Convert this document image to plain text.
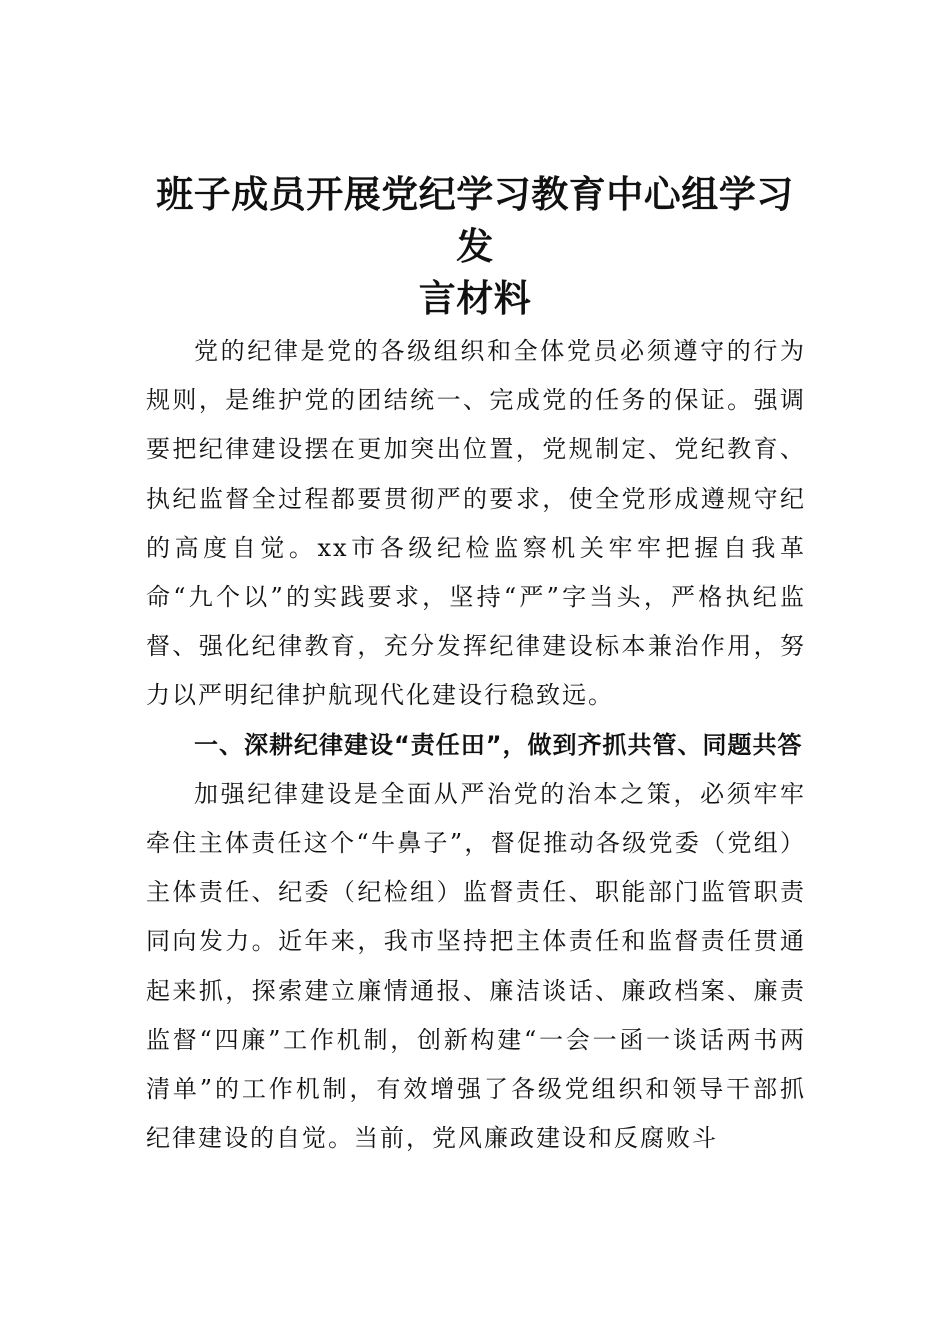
班子成员开展党纪学习教育中心组学习发
言材料

党的纪律是党的各级组织和全体党员必须遵守的行为规则，是维护党的团结统一、完成党的任务的保证。强调要把纪律建设摆在更加突出位置，党规制定、党纪教育、执纪监督全过程都要贯彻严的要求，使全党形成遵规守纪的高度自觉。xx市各级纪检监察机关牢牢把握自我革命“九个以”的实践要求，坚持“严”字当头，严格执纪监督、强化纪律教育，充分发挥纪律建设标本兼治作用，努力以严明纪律护航现代化建设行稳致远。

一、深耕纪律建设“责任田”，做到齐抓共管、同题共答

加强纪律建设是全面从严治党的治本之策，必须牢牢牵住主体责任这个“牛鼻子”，督促推动各级党委（党组）主体责任、纪委（纪检组）监督责任、职能部门监管职责同向发力。近年来，我市坚持把主体责任和监督责任贯通起来抓，探索建立廉情通报、廉洁谈话、廉政档案、廉责监督“四廉”工作机制，创新构建“一会一函一谈话两书两清单”的工作机制，有效增强了各级党组织和领导干部抓纪律建设的自觉。当前，党风廉政建设和反腐败斗
